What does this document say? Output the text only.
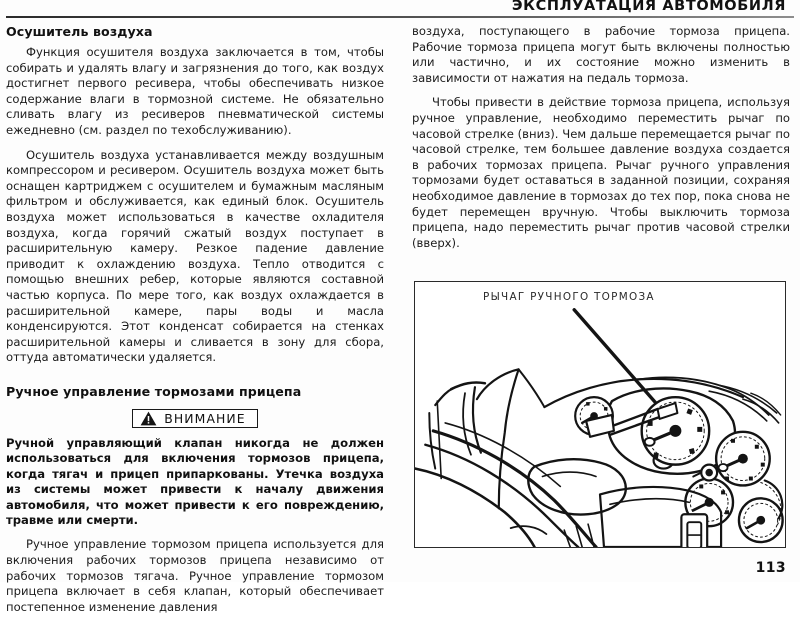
ЭКСПЛУАТАЦИЯ АВТОМОБИЛЯ
Осушитель воздуха

Функция осушителя воздуха заключается в том, чтобы собирать и удалять влагу и загрязнения до того, как воздух достигнет первого ресивера, чтобы обеспечивать низкое содержание влаги в тормозной системе. Не обязательно сливать влагу из ресиверов пневматической системы ежедневно (см. раздел по техобслуживанию).

Осушитель воздуха устанавливается между воздушным компрессором и ресивером. Осушитель воздуха может быть оснащен картриджем с осушителем и бумажным масляным фильтром и обслуживается, как единый блок. Осушитель воздуха может использоваться в качестве охладителя воздуха, когда горячий сжатый воздух поступает в расширительную камеру. Резкое падение давление приводит к охлаждению воздуха. Тепло отводится с помощью внешних ребер, которые являются составной частью корпуса. По мере того, как воздух охлаждается в расширительной камере, пары воды и масла конденсируются. Этот конденсат собирается на стенках расширительной камеры и сливается в зону для сбора, оттуда автоматически удаляется.

Ручное управление тормозами прицепа
ВНИМАНИЕ

Ручной управляющий клапан никогда не должен использоваться для включения тормозов прицепа, когда тягач и прицеп припаркованы. Утечка воздуха из системы может привести к началу движения автомобиля, что может привести к его повреждению, травме или смерти.

Ручное управление тормозом прицепа используется для включения рабочих тормозов прицепа независимо от рабочих тормозов тягача. Ручное управление тормозом прицепа включает в себя клапан, который обеспечивает постепенное изменение давления

воздуха, поступающего в рабочие тормоза прицепа. Рабочие тормоза прицепа могут быть включены полностью или частично, и их состояние можно изменить в зависимости от нажатия на педаль тормоза.

Чтобы привести в действие тормоза прицепа, используя ручное управление, необходимо переместить рычаг по часовой стрелке (вниз). Чем дальше перемещается рычаг по часовой стрелке, тем большее давление воздуха создается в рабочих тормозах прицепа. Рычаг ручного управления тормозами будет оставаться в заданной позиции, сохраняя необходимое давление в тормозах до тех пор, пока снова не будет перемещен вручную. Чтобы выключить тормоза прицепа, надо переместить рычаг против часовой стрелки (вверх).

РЫЧАГ РУЧНОГО ТОРМОЗА
113
